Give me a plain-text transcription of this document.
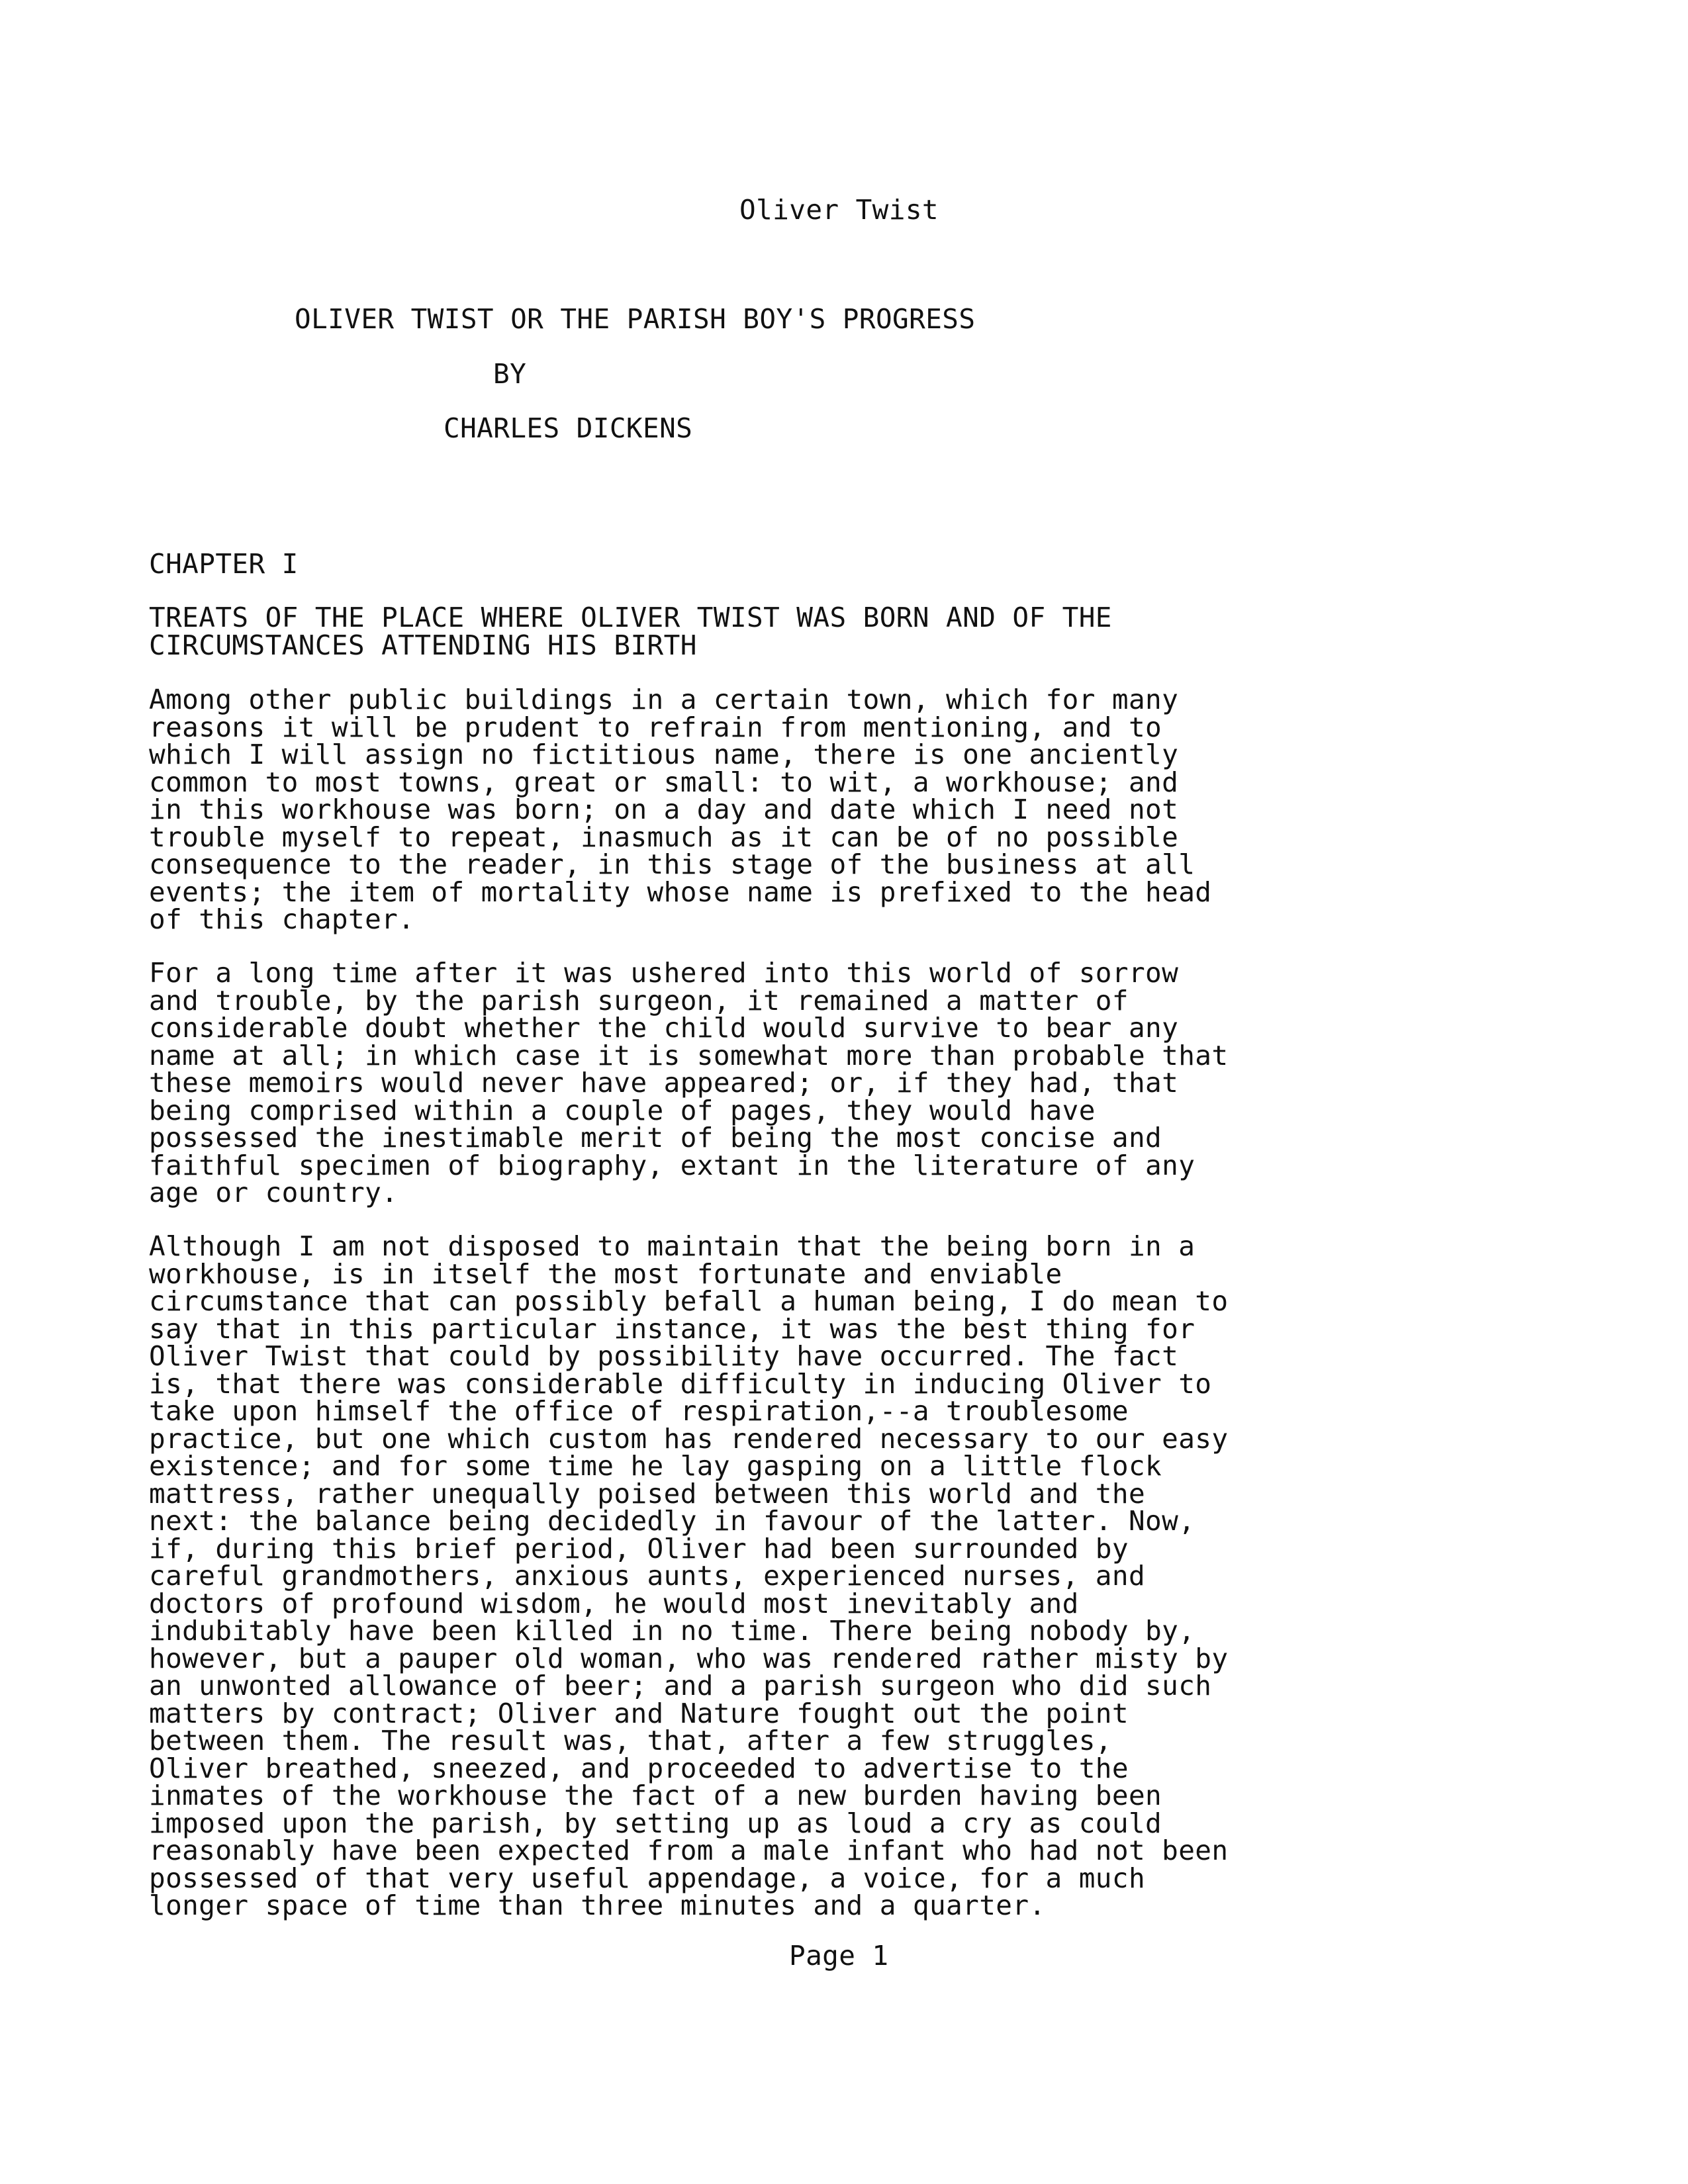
Oliver Twist
OLIVER TWIST OR THE PARISH BOY'S PROGRESS
BY
CHARLES DICKENS
CHAPTER I

TREATS OF THE PLACE WHERE OLIVER TWIST WAS BORN AND OF THE
CIRCUMSTANCES ATTENDING HIS BIRTH

Among other public buildings in a certain town, which for many
reasons it will be prudent to refrain from mentioning, and to
which I will assign no fictitious name, there is one anciently
common to most towns, great or small: to wit, a workhouse; and
in this workhouse was born; on a day and date which I need not
trouble myself to repeat, inasmuch as it can be of no possible
consequence to the reader, in this stage of the business at all
events; the item of mortality whose name is prefixed to the head
of this chapter.

For a long time after it was ushered into this world of sorrow
and trouble, by the parish surgeon, it remained a matter of
considerable doubt whether the child would survive to bear any
name at all; in which case it is somewhat more than probable that
these memoirs would never have appeared; or, if they had, that
being comprised within a couple of pages, they would have
possessed the inestimable merit of being the most concise and
faithful specimen of biography, extant in the literature of any
age or country.

Although I am not disposed to maintain that the being born in a
workhouse, is in itself the most fortunate and enviable
circumstance that can possibly befall a human being, I do mean to
say that in this particular instance, it was the best thing for
Oliver Twist that could by possibility have occurred. The fact
is, that there was considerable difficulty in inducing Oliver to
take upon himself the office of respiration,--a troublesome
practice, but one which custom has rendered necessary to our easy
existence; and for some time he lay gasping on a little flock
mattress, rather unequally poised between this world and the
next: the balance being decidedly in favour of the latter. Now,
if, during this brief period, Oliver had been surrounded by
careful grandmothers, anxious aunts, experienced nurses, and
doctors of profound wisdom, he would most inevitably and
indubitably have been killed in no time. There being nobody by,
however, but a pauper old woman, who was rendered rather misty by
an unwonted allowance of beer; and a parish surgeon who did such
matters by contract; Oliver and Nature fought out the point
between them. The result was, that, after a few struggles,
Oliver breathed, sneezed, and proceeded to advertise to the
inmates of the workhouse the fact of a new burden having been
imposed upon the parish, by setting up as loud a cry as could
reasonably have been expected from a male infant who had not been
possessed of that very useful appendage, a voice, for a much
longer space of time than three minutes and a quarter.

Page 1
